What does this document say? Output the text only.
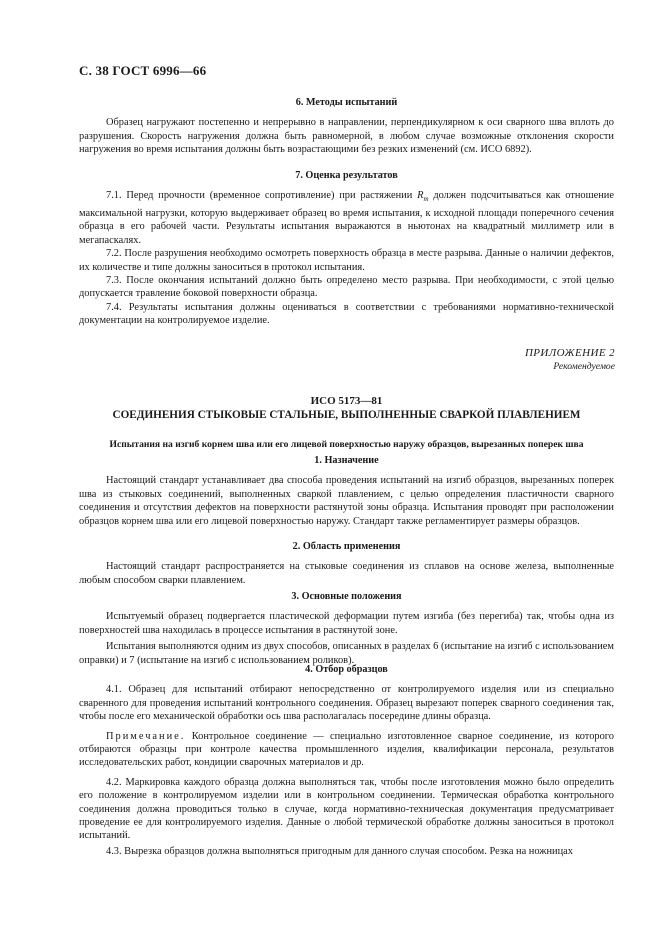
С. 38 ГОСТ 6996—66
6. Методы испытаний

Образец нагружают постепенно и непрерывно в направлении, перпендикулярном к оси сварного шва вплоть до разрушения. Скорость нагружения должна быть равномерной, в любом случае возможные отклонения скорости нагружения во время испытания должны быть возрастающими без резких изменений (см. ИСО 6892).

7. Оценка результатов

7.1. Перед прочности (временное сопротивление) при растяжении $R_m$ должен подсчитываться как отношение максимальной нагрузки, которую выдерживает образец во время испытания, к исходной площади поперечного сечения образца в его рабочей части. Результаты испытания выражаются в ньютонах на квадратный миллиметр или в мегапаскалях.

7.2. После разрушения необходимо осмотреть поверхность образца в месте разрыва. Данные о наличии дефектов, их количестве и типе должны заноситься в протокол испытания.

7.3. После окончания испытаний должно быть определено место разрыва. При необходимости, с этой целью допускается травление боковой поверхности образца.

7.4. Результаты испытания должны оцениваться в соответствии с требованиями нормативно-технической документации на контролируемое изделие.

ПРИЛОЖЕНИЕ 2
Рекомендуемое
ИСО 5173—81
СОЕДИНЕНИЯ СТЫКОВЫЕ СТАЛЬНЫЕ, ВЫПОЛНЕННЫЕ СВАРКОЙ ПЛАВЛЕНИЕМ
Испытания на изгиб корнем шва или его лицевой поверхностью наружу образцов, вырезанных поперек шва
1. Назначение

Настоящий стандарт устанавливает два способа проведения испытаний на изгиб образцов, вырезанных поперек шва из стыковых соединений, выполненных сваркой плавлением, с целью определения пластичности сварного соединения и отсутствия дефектов на поверхности растянутой зоны образца. Испытания проводят при расположении образцов корнем шва или его лицевой поверхностью наружу. Стандарт также регламентирует размеры образцов.

2. Область применения

Настоящий стандарт распространяется на стыковые соединения из сплавов на основе железа, выполненные любым способом сварки плавлением.

3. Основные положения

Испытуемый образец подвергается пластической деформации путем изгиба (без перегиба) так, чтобы одна из поверхностей шва находилась в процессе испытания в растянутой зоне.

Испытания выполняются одним из двух способов, описанных в разделах 6 (испытание на изгиб с использованием оправки) и 7 (испытание на изгиб с использованием роликов).

4. Отбор образцов

4.1. Образец для испытаний отбирают непосредственно от контролируемого изделия или из специально сваренного для проведения испытаний контрольного соединения. Образец вырезают поперек сварного соединения так, чтобы после его механической обработки ось шва располагалась посередине длины образца.

Примечание. Контрольное соединение — специально изготовленное сварное соединение, из которого отбираются образцы при контроле качества промышленного изделия, квалификации персонала, результатов исследовательских работ, кондиции сварочных материалов и др.

4.2. Маркировка каждого образца должна выполняться так, чтобы после изготовления можно было определить его положение в контролируемом изделии или в контрольном соединении. Термическая обработка контрольного соединения должна проводиться только в случае, когда нормативно-техническая документация предусматривает проведение ее для контролируемого изделия. Данные о любой термической обработке должны заноситься в протокол испытаний.

4.3. Вырезка образцов должна выполняться пригодным для данного случая способом. Резка на ножницах
